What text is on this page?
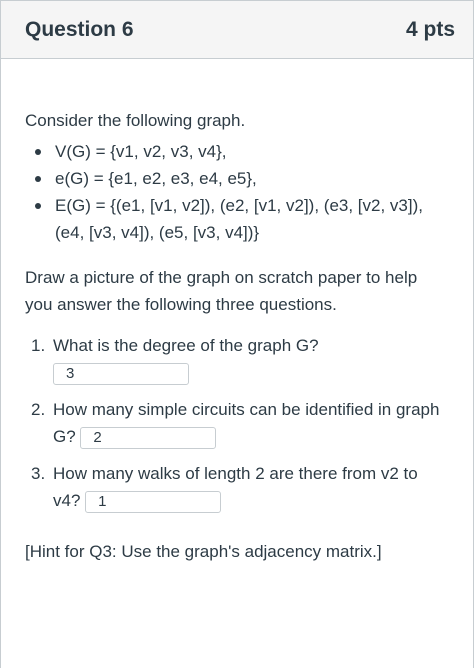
Question 6	4 pts

Consider the following graph.

V(G) = {v1, v2, v3, v4},
e(G) = {e1, e2, e3, e4, e5},
E(G) = {(e1, [v1, v2]), (e2, [v1, v2]), (e3, [v2, v3]), (e4, [v3, v4]), (e5, [v3, v4])}

Draw a picture of the graph on scratch paper to help you answer the following three questions.

1. What is the degree of the graph G?
3
2. How many simple circuits can be identified in graph G? 2
3. How many walks of length 2 are there from v2 to v4? 1

[Hint for Q3: Use the graph's adjacency matrix.]
